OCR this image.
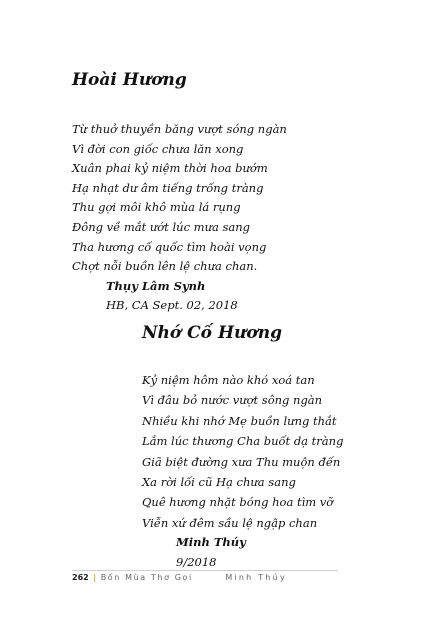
Hoài Hương
Từ thuở thuyền băng vượt sóng ngàn
Vì đời con giốc chưa lăn xong
Xuân phai kỷ niệm thời hoa bướm
Hạ nhạt dư âm tiếng trống tràng
Thu gợi môi khô mùa lá rụng
Đông về mắt ướt lúc mưa sang
Tha hương cố quốc tìm hoài vọng
Chợt nỗi buồn lên lệ chưa chan.
Thụy Lâm Synh
HB, CA Sept. 02, 2018
Nhớ Cố Hương
Kỷ niệm hôm nào khó xoá tan
Vì đâu bỏ nước vượt sông ngàn
Nhiều khi nhớ Mẹ buồn lưng thắt
Lắm lúc thương Cha buốt dạ tràng
Giã biệt đường xưa Thu muộn đến
Xa rời lối cũ Hạ chưa sang
Quê hương nhặt bóng hoa tìm vỡ
Viễn xứ đêm sầu lệ ngập chan
Minh Thúy
9/2018
262 | Bốn Mùa Thơ Gọi	Minh Thúy
